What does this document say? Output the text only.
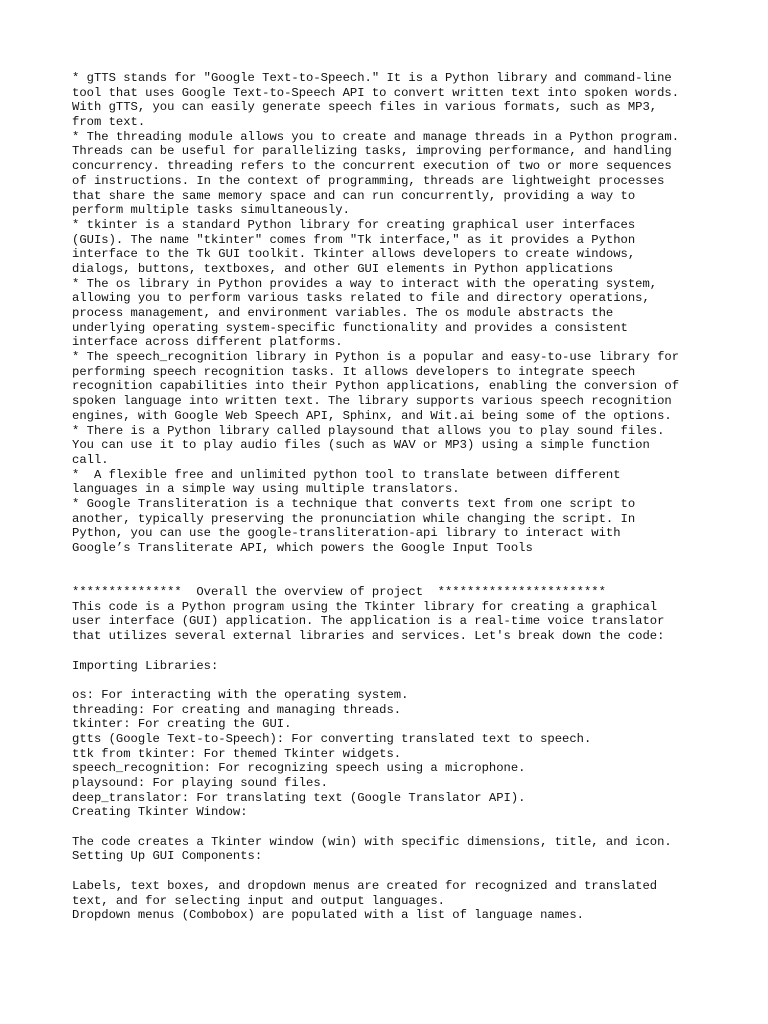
* gTTS stands for "Google Text-to-Speech." It is a Python library and command-line
tool that uses Google Text-to-Speech API to convert written text into spoken words.
With gTTS, you can easily generate speech files in various formats, such as MP3,
from text.
* The threading module allows you to create and manage threads in a Python program.
Threads can be useful for parallelizing tasks, improving performance, and handling
concurrency. threading refers to the concurrent execution of two or more sequences
of instructions. In the context of programming, threads are lightweight processes
that share the same memory space and can run concurrently, providing a way to
perform multiple tasks simultaneously.
* tkinter is a standard Python library for creating graphical user interfaces
(GUIs). The name "tkinter" comes from "Tk interface," as it provides a Python
interface to the Tk GUI toolkit. Tkinter allows developers to create windows,
dialogs, buttons, textboxes, and other GUI elements in Python applications
* The os library in Python provides a way to interact with the operating system,
allowing you to perform various tasks related to file and directory operations,
process management, and environment variables. The os module abstracts the
underlying operating system-specific functionality and provides a consistent
interface across different platforms.
* The speech_recognition library in Python is a popular and easy-to-use library for
performing speech recognition tasks. It allows developers to integrate speech
recognition capabilities into their Python applications, enabling the conversion of
spoken language into written text. The library supports various speech recognition
engines, with Google Web Speech API, Sphinx, and Wit.ai being some of the options.
* There is a Python library called playsound that allows you to play sound files.
You can use it to play audio files (such as WAV or MP3) using a simple function
call.
*  A flexible free and unlimited python tool to translate between different
languages in a simple way using multiple translators.
* Google Transliteration is a technique that converts text from one script to
another, typically preserving the pronunciation while changing the script. In
Python, you can use the google-transliteration-api library to interact with
Google’s Transliterate API, which powers the Google Input Tools
***************  Overall the overview of project  ***********************
This code is a Python program using the Tkinter library for creating a graphical
user interface (GUI) application. The application is a real-time voice translator
that utilizes several external libraries and services. Let's break down the code:
Importing Libraries:
os: For interacting with the operating system.
threading: For creating and managing threads.
tkinter: For creating the GUI.
gtts (Google Text-to-Speech): For converting translated text to speech.
ttk from tkinter: For themed Tkinter widgets.
speech_recognition: For recognizing speech using a microphone.
playsound: For playing sound files.
deep_translator: For translating text (Google Translator API).
Creating Tkinter Window:
The code creates a Tkinter window (win) with specific dimensions, title, and icon.
Setting Up GUI Components:
Labels, text boxes, and dropdown menus are created for recognized and translated
text, and for selecting input and output languages.
Dropdown menus (Combobox) are populated with a list of language names.
